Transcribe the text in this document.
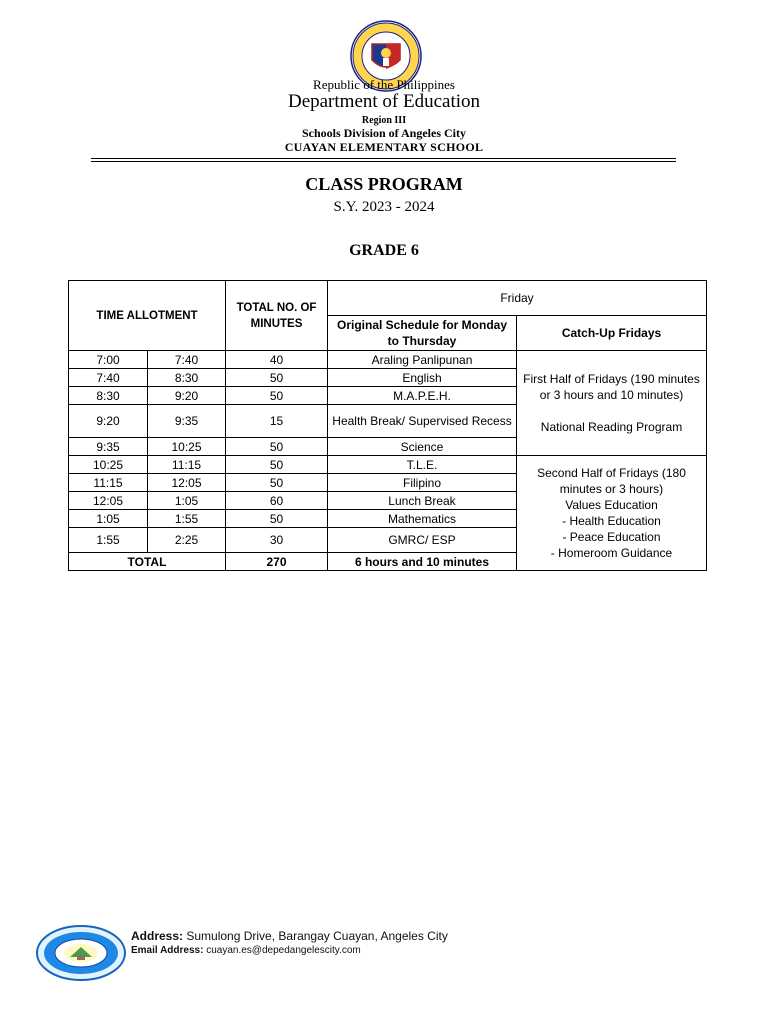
Republic of the Philippines
Department of Education
Region III
Schools Division of Angeles City
CUAYAN ELEMENTARY SCHOOL
CLASS PROGRAM
S.Y. 2023 - 2024
GRADE 6
TIME ALLOTMENT		TOTAL NO. OF MINUTES	Friday	
			Original Schedule for Monday to Thursday	Catch-Up Fridays
7:00	7:40	40	Araling Panlipunan	First Half of Fridays (190 minutes or 3 hours and 10 minutes)
National Reading Program

7:40	8:30	50	English	
8:30	9:20	50	M.A.P.E.H.	
9:20	9:35	15	Health Break/ Supervised Recess	
9:35	10:25	50	Science	
10:25	11:15	50	T.L.E.	Second Half of Fridays (180 minutes or 3 hours)
Values Education
- Health Education
- Peace Education
- Homeroom Guidance

11:15	12:05	50	Filipino	
12:05	1:05	60	Lunch Break	
1:05	1:55	50	Mathematics	
1:55	2:25	30	GMRC/ ESP	
TOTAL		270	6 hours and 10 minutes	
Address: Sumulong Drive, Barangay Cuayan, Angeles City
Email Address: cuayan.es@depedangelescity.com
